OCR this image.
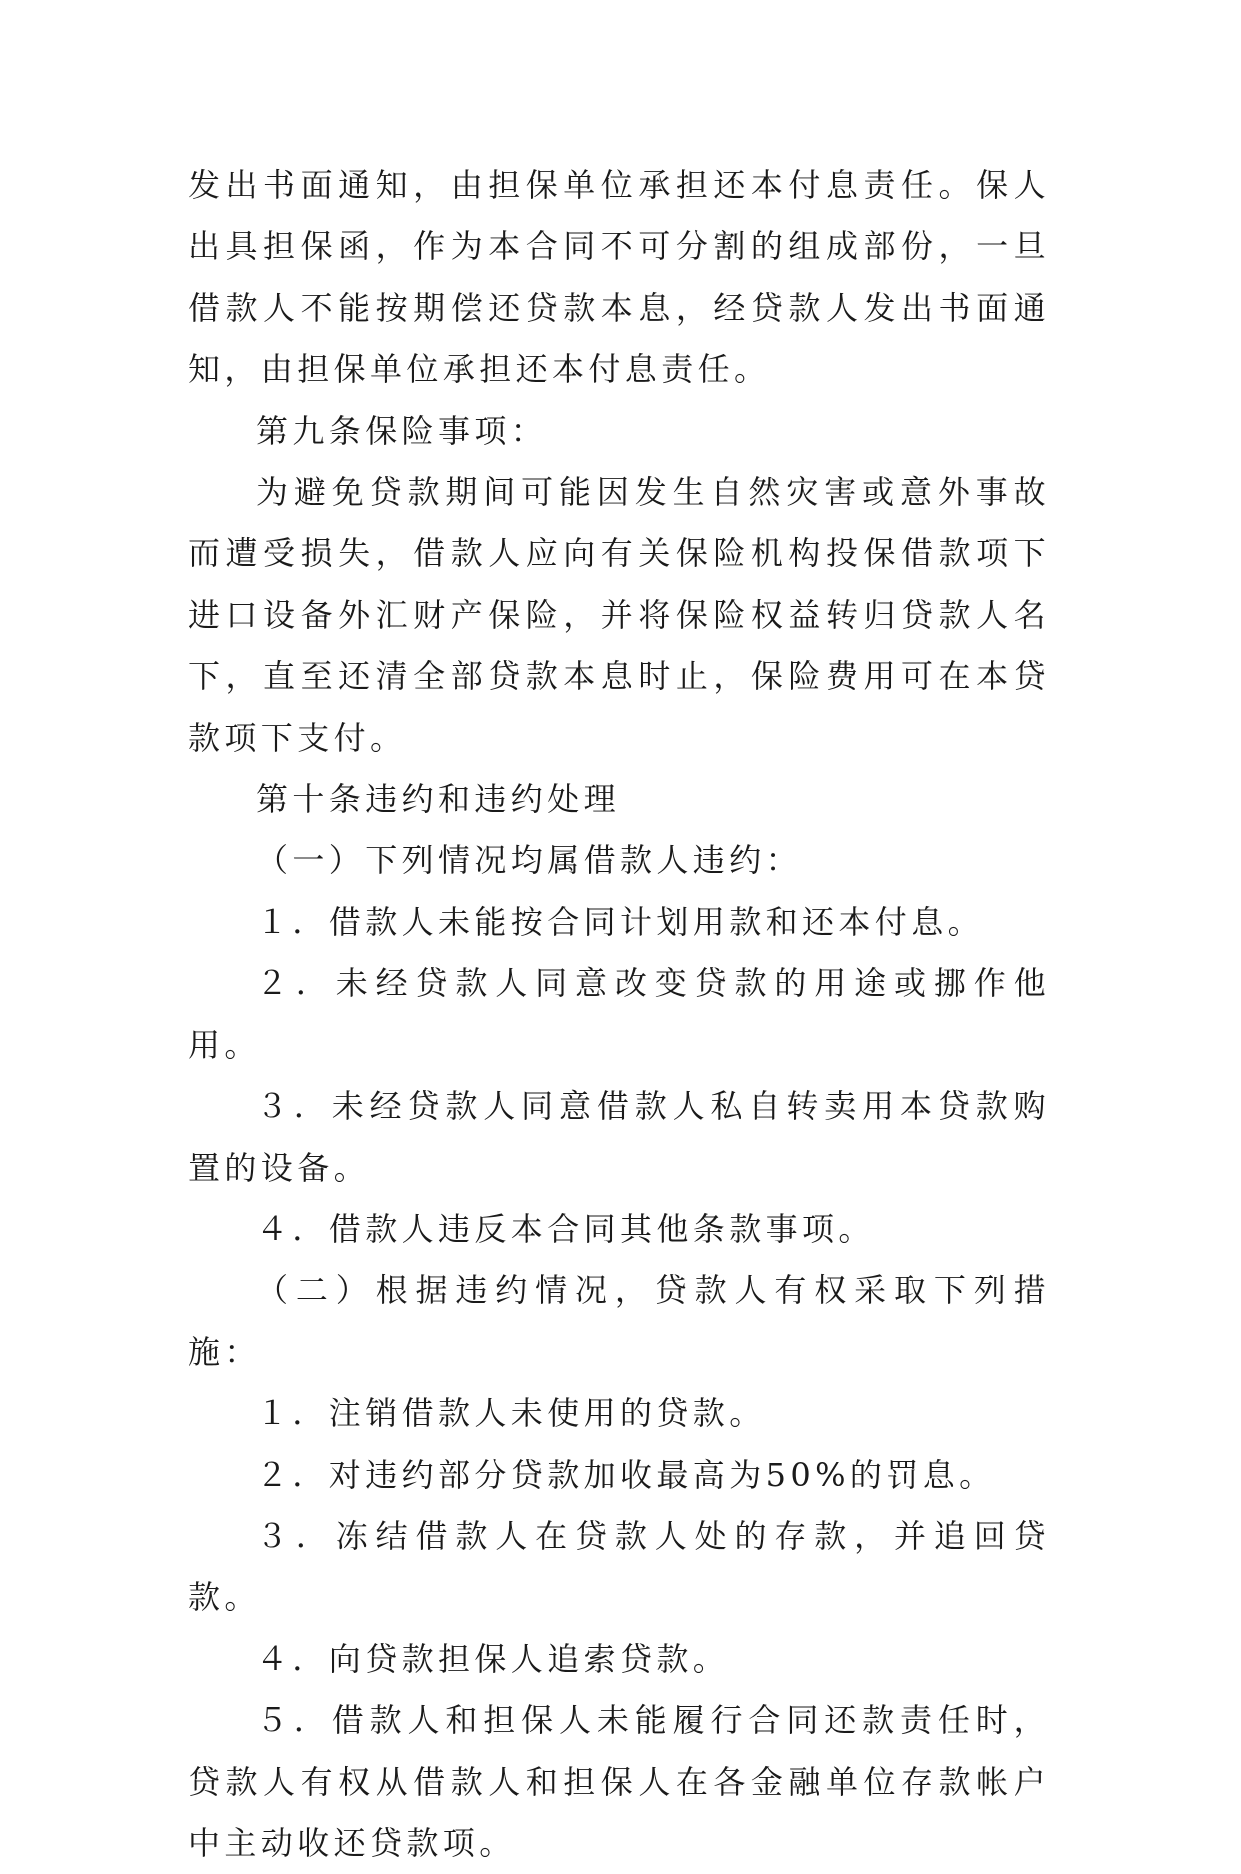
发出书面通知，由担保单位承担还本付息责任。保人出具担保函，作为本合同不可分割的组成部份，一旦借款人不能按期偿还贷款本息，经贷款人发出书面通知，由担保单位承担还本付息责任。

第九条保险事项：

为避免贷款期间可能因发生自然灾害或意外事故而遭受损失，借款人应向有关保险机构投保借款项下进口设备外汇财产保险，并将保险权益转归贷款人名下，直至还清全部贷款本息时止，保险费用可在本贷款项下支付。

第十条违约和违约处理

（一）下列情况均属借款人违约：

１．借款人未能按合同计划用款和还本付息。

２．未经贷款人同意改变贷款的用途或挪作他用。

３．未经贷款人同意借款人私自转卖用本贷款购置的设备。

４．借款人违反本合同其他条款事项。

（二）根据违约情况，贷款人有权采取下列措施：

１．注销借款人未使用的贷款。

２．对违约部分贷款加收最高为50%的罚息。

３．冻结借款人在贷款人处的存款，并追回贷款。

４．向贷款担保人追索贷款。

５．借款人和担保人未能履行合同还款责任时，贷款人有权从借款人和担保人在各金融单位存款帐户中主动收还贷款项。
